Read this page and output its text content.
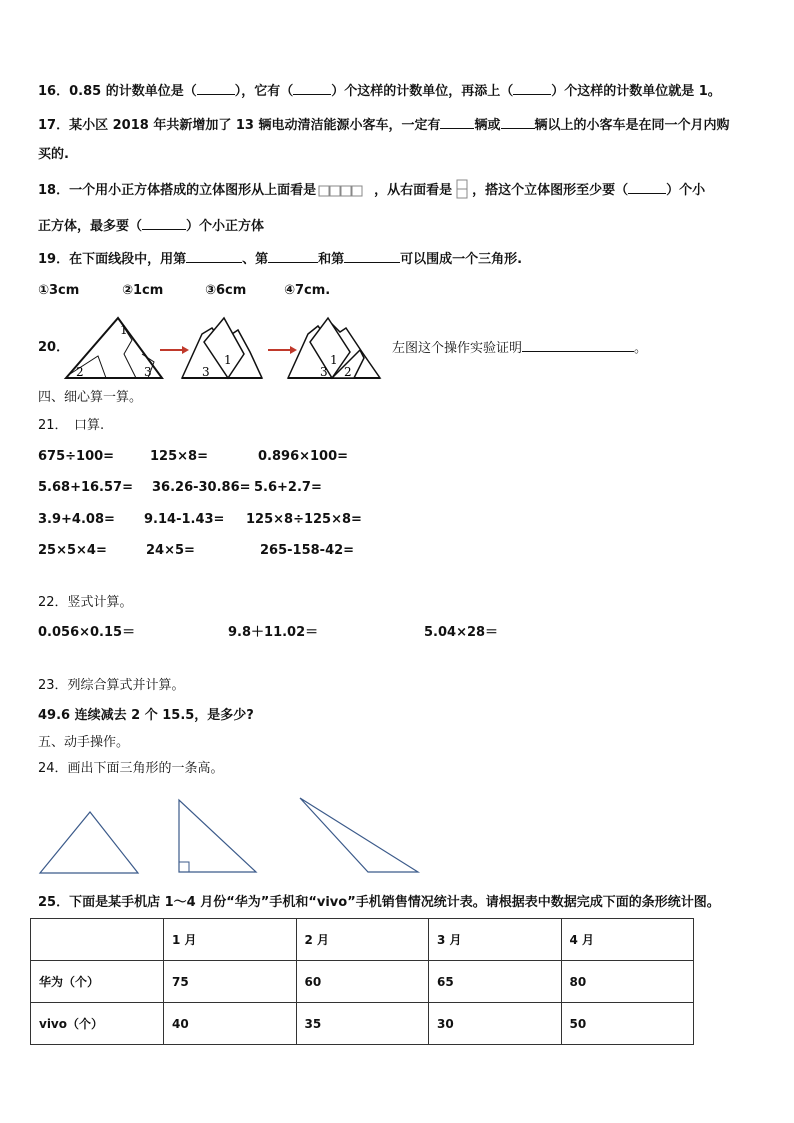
16．0.85 的计数单位是（	），它有（	）个这样的计数单位，再添上（	）个这样的计数单位就是 1。
17．某小区 2018 年共新增加了 13 辆电动清洁能源小客车，一定有	辆或	辆以上的小客车是在同一个月内购
买的.
18．一个用小正方体搭成的立体图形从上面看是	，从右面看是 ，搭这个立体图形至少要（	）个小
正方体，最多要（	）个小正方体
19．在下面线段中，用第	、第	和第	可以围成一个三角形.
①3cm	②1cm	③6cm	④7cm.
20．
1
2	3
1
3	3
1
2
左图这个操作实验证明	。
四、细心算一算。
21．　口算.
675÷100=	125×8=	0.896×100=
5.68+16.57= 36.26-30.86= 5.6+2.7=
3.9+4.08= 9.14-1.43= 125×8÷125×8=
25×5×4=	24×5=	265-158-42=
22．竖式计算。
0.056×0.15＝	9.8＋11.02＝	5.04×28＝
23．列综合算式并计算。
49.6 连续减去 2 个 15.5，是多少?
五、动手操作。
24．画出下面三角形的一条高。
25．下面是某手机店 1～4 月份“华为”手机和“vivo”手机销售情况统计表。请根据表中数据完成下面的条形统计图。
	1 月	2 月	3 月	4 月
华为（个）	75	60	65	80
vivo（个）	40	35	30	50
